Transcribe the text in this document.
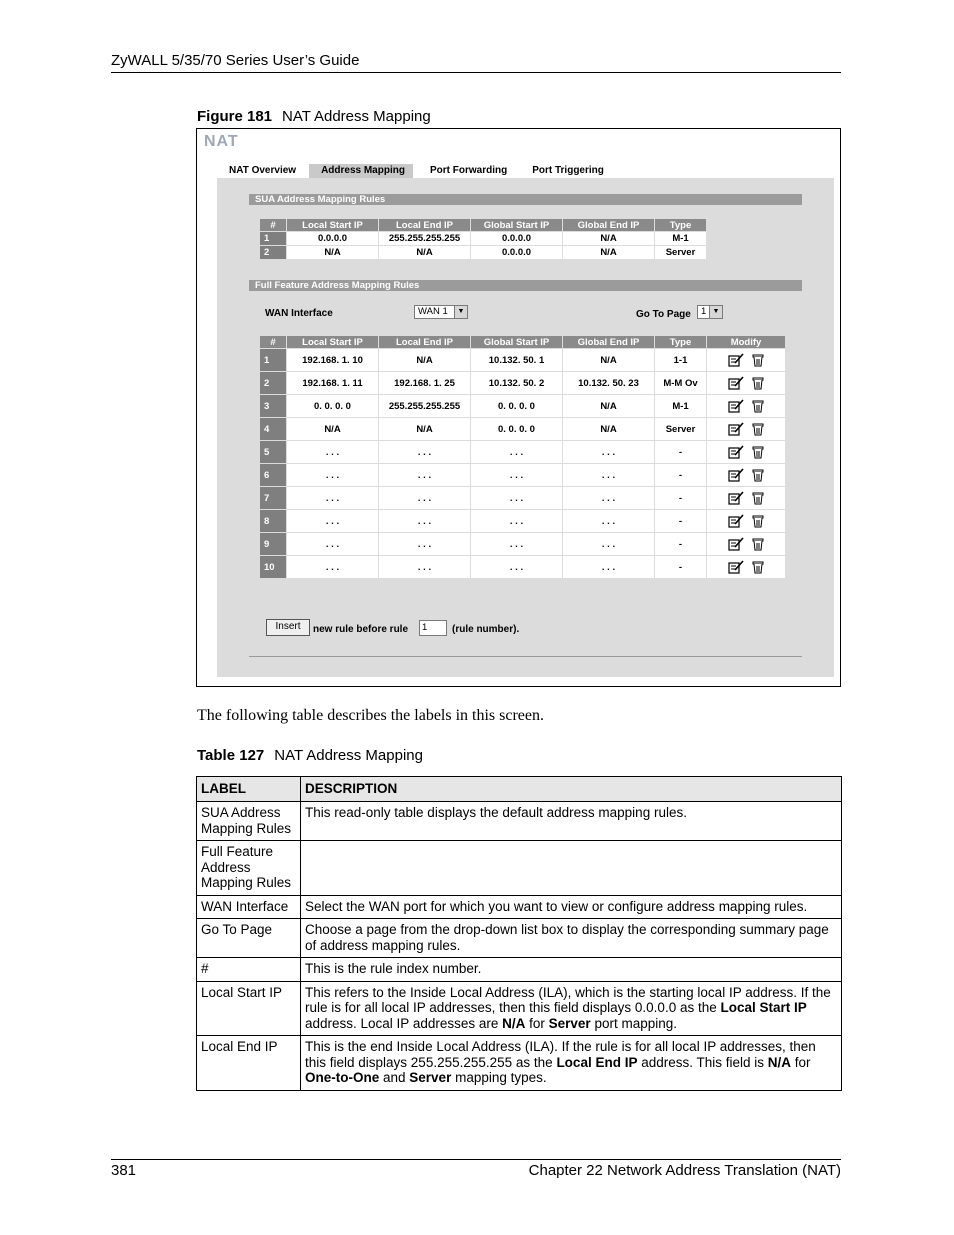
ZyWALL 5/35/70 Series User’s Guide
Figure 181 NAT Address Mapping
NAT
NAT Overview	Address Mapping	Port Forwarding	Port Triggering
SUA Address Mapping Rules
#	Local Start IP	Local End IP	Global Start IP	Global End IP	Type
1	0.0.0.0	255.255.255.255	0.0.0.0	N/A	M-1
2	N/A	N/A	0.0.0.0	N/A	Server
Full Feature Address Mapping Rules
WAN Interface	WAN 1	▼	Go To Page	1 ▼
#	Local Start IP	Local End IP	Global Start IP	Global End IP	Type	Modify
1	192.168. 1. 10	N/A	10.132. 50. 1	N/A	1-1	
2	192.168. 1. 11	192.168. 1. 25	10.132. 50. 2	10.132. 50. 23	M-M Ov	
3	0. 0. 0. 0	255.255.255.255	0. 0. 0. 0	N/A	M-1	
4	N/A	N/A	0. 0. 0. 0	N/A	Server	
5	. . .	. . .	. . .	. . .	-	
6	. . .	. . .	. . .	. . .	-	
7	. . .	. . .	. . .	. . .	-	
8	. . .	. . .	. . .	. . .	-	
9	. . .	. . .	. . .	. . .	-	
10	. . .	. . .	. . .	. . .	-	
Insert	new rule before rule	1	(rule number).
The following table describes the labels in this screen.
Table 127 NAT Address Mapping
LABEL	DESCRIPTION
SUA Address Mapping Rules	This read-only table displays the default address mapping rules.
Full Feature Address Mapping Rules	
WAN Interface	Select the WAN port for which you want to view or configure address mapping rules.
Go To Page	Choose a page from the drop-down list box to display the corresponding summary page of address mapping rules.
#	This is the rule index number.
Local Start IP	This refers to the Inside Local Address (ILA), which is the starting local IP address. If the rule is for all local IP addresses, then this field displays 0.0.0.0 as the Local Start IP address. Local IP addresses are N/A for Server port mapping.
Local End IP	This is the end Inside Local Address (ILA). If the rule is for all local IP addresses, then this field displays 255.255.255.255 as the Local End IP address. This field is N/A for One-to-One and Server mapping types.
381	Chapter 22 Network Address Translation (NAT)
